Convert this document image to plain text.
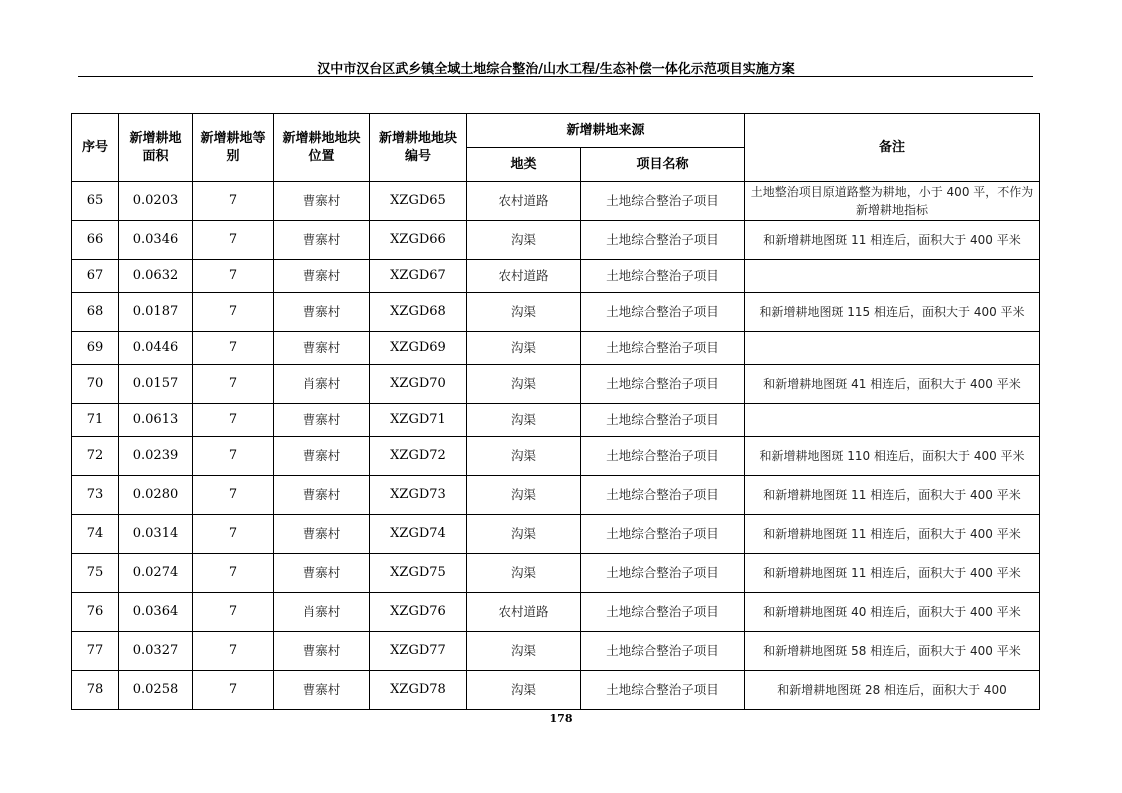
汉中市汉台区武乡镇全域土地综合整治/山水工程/生态补偿一体化示范项目实施方案
序号	新增耕地面积	新增耕地等别	新增耕地地块位置	新增耕地地块编号	新增耕地来源		备注
					地类	项目名称	
65	0.0203	7	曹寨村	XZGD65	农村道路	土地综合整治子项目	土地整治项目原道路整为耕地，小于 400 平，不作为新增耕地指标
66	0.0346	7	曹寨村	XZGD66	沟渠	土地综合整治子项目	和新增耕地图斑 11 相连后，面积大于 400 平米
67	0.0632	7	曹寨村	XZGD67	农村道路	土地综合整治子项目	
68	0.0187	7	曹寨村	XZGD68	沟渠	土地综合整治子项目	和新增耕地图斑 115 相连后，面积大于 400 平米
69	0.0446	7	曹寨村	XZGD69	沟渠	土地综合整治子项目	
70	0.0157	7	肖寨村	XZGD70	沟渠	土地综合整治子项目	和新增耕地图斑 41 相连后，面积大于 400 平米
71	0.0613	7	曹寨村	XZGD71	沟渠	土地综合整治子项目	
72	0.0239	7	曹寨村	XZGD72	沟渠	土地综合整治子项目	和新增耕地图斑 110 相连后，面积大于 400 平米
73	0.0280	7	曹寨村	XZGD73	沟渠	土地综合整治子项目	和新增耕地图斑 11 相连后，面积大于 400 平米
74	0.0314	7	曹寨村	XZGD74	沟渠	土地综合整治子项目	和新增耕地图斑 11 相连后，面积大于 400 平米
75	0.0274	7	曹寨村	XZGD75	沟渠	土地综合整治子项目	和新增耕地图斑 11 相连后，面积大于 400 平米
76	0.0364	7	肖寨村	XZGD76	农村道路	土地综合整治子项目	和新增耕地图斑 40 相连后，面积大于 400 平米
77	0.0327	7	曹寨村	XZGD77	沟渠	土地综合整治子项目	和新增耕地图斑 58 相连后，面积大于 400 平米
78	0.0258	7	曹寨村	XZGD78	沟渠	土地综合整治子项目	和新增耕地图斑 28 相连后，面积大于 400
178
